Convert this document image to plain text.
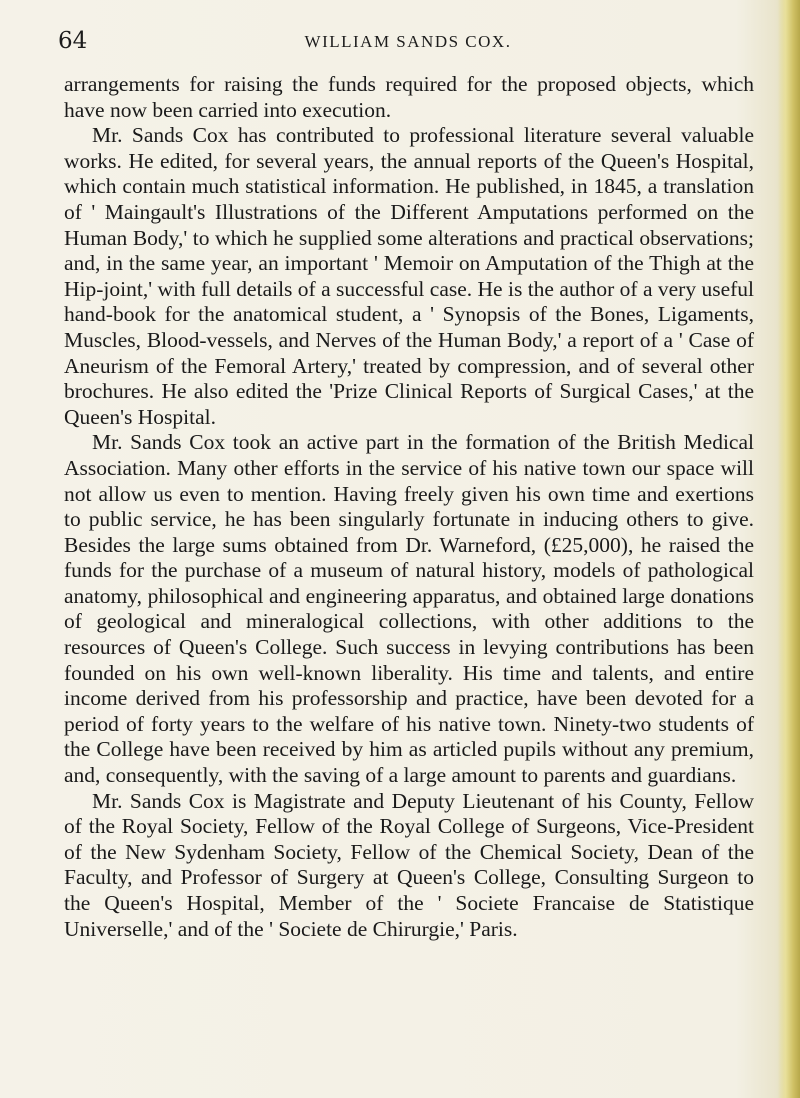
64	WILLIAM SANDS COX.

arrangements for raising the funds required for the proposed objects, which have now been carried into execution.

Mr. Sands Cox has contributed to professional literature several valuable works. He edited, for several years, the annual reports of the Queen's Hospital, which contain much statistical information. He published, in 1845, a translation of ' Maingault's Illustrations of the Different Amputations performed on the Human Body,' to which he supplied some alterations and practical observations; and, in the same year, an important ' Memoir on Amputation of the Thigh at the Hip-joint,' with full details of a successful case. He is the author of a very useful hand-book for the anatomical student, a ' Synopsis of the Bones, Ligaments, Muscles, Blood-vessels, and Nerves of the Human Body,' a report of a ' Case of Aneurism of the Femoral Artery,' treated by compression, and of several other brochures. He also edited the 'Prize Clinical Reports of Surgical Cases,' at the Queen's Hospital.

Mr. Sands Cox took an active part in the formation of the British Medical Association. Many other efforts in the service of his native town our space will not allow us even to mention. Having freely given his own time and exertions to public service, he has been singularly fortunate in inducing others to give. Besides the large sums obtained from Dr. Warneford, (£25,000), he raised the funds for the purchase of a museum of natural history, models of pathological anatomy, philosophical and engineering apparatus, and obtained large donations of geological and mineralogical collections, with other additions to the resources of Queen's College. Such success in levying contributions has been founded on his own well-known liberality. His time and talents, and entire income derived from his professorship and practice, have been devoted for a period of forty years to the welfare of his native town. Ninety-two students of the College have been received by him as articled pupils without any premium, and, consequently, with the saving of a large amount to parents and guardians.

Mr. Sands Cox is Magistrate and Deputy Lieutenant of his County, Fellow of the Royal Society, Fellow of the Royal College of Surgeons, Vice-President of the New Sydenham Society, Fellow of the Chemical Society, Dean of the Faculty, and Professor of Surgery at Queen's College, Consulting Surgeon to the Queen's Hospital, Member of the ' Societe Francaise de Statistique Universelle,' and of the ' Societe de Chirurgie,' Paris.
